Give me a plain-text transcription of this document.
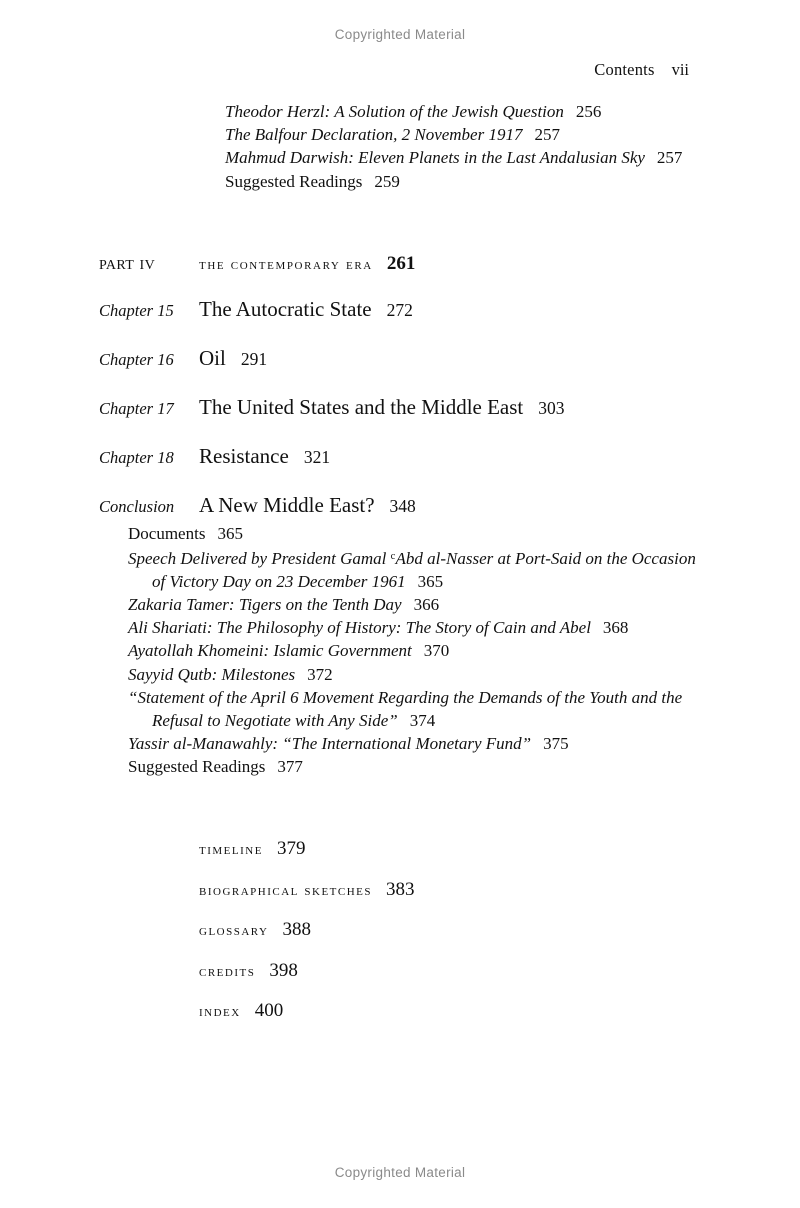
Copyrighted Material
Contents vii
Theodor Herzl: A Solution of the Jewish Question 256
The Balfour Declaration, 2 November 1917 257
Mahmud Darwish: Eleven Planets in the Last Andalusian Sky 257
Suggested Readings 259
part iv	the contemporary era 261
Chapter 15	The Autocratic State 272
Chapter 16	Oil 291
Chapter 17	The United States and the Middle East 303
Chapter 18	Resistance 321
Conclusion	A New Middle East? 348
Documents 365
Speech Delivered by President Gamal $^c$Abd al-Nasser at Port-Said on the Occasion of Victory Day on 23 December 1961 365
Zakaria Tamer: Tigers on the Tenth Day 366
Ali Shariati: The Philosophy of History: The Story of Cain and Abel 368
Ayatollah Khomeini: Islamic Government 370
Sayyid Qutb: Milestones 372
“Statement of the April 6 Movement Regarding the Demands of the Youth and the Refusal to Negotiate with Any Side” 374
Yassir al-Manawahly: “The International Monetary Fund” 375
Suggested Readings 377
timeline 379
biographical sketches 383
glossary 388
credits 398
index 400
Copyrighted Material
